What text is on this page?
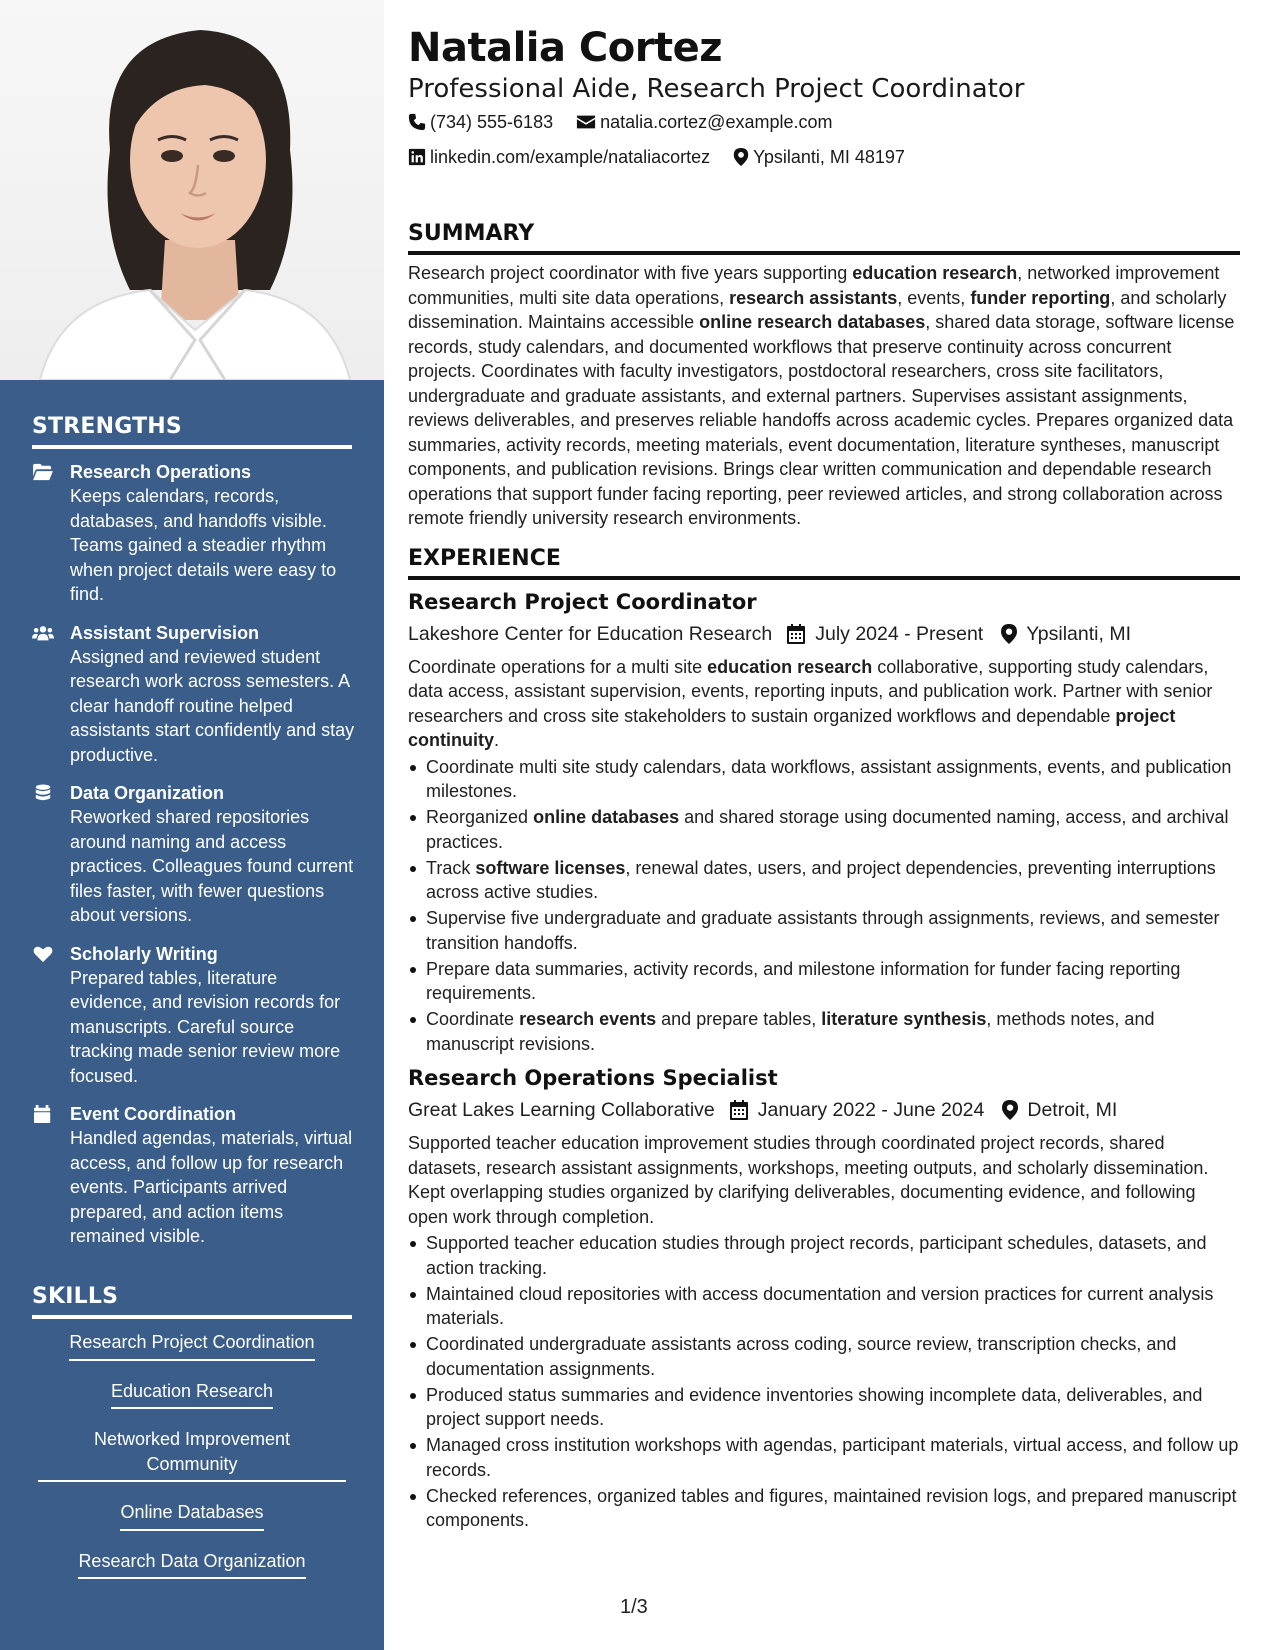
STRENGTHS
Research Operations
Keeps calendars, records, databases, and handoffs visible. Teams gained a steadier rhythm when project details were easy to find.
Assistant Supervision
Assigned and reviewed student research work across semesters. A clear handoff routine helped assistants start confidently and stay productive.
Data Organization
Reworked shared repositories around naming and access practices. Colleagues found current files faster, with fewer questions about versions.
Scholarly Writing
Prepared tables, literature evidence, and revision records for manuscripts. Careful source tracking made senior review more focused.
Event Coordination
Handled agendas, materials, virtual access, and follow up for research events. Participants arrived prepared, and action items remained visible.
SKILLS
Research Project Coordination
Education Research
Networked Improvement Community
Online Databases
Research Data Organization
Natalia Cortez
Professional Aide, Research Project Coordinator
(734) 555-6183
	natalia.cortez@example.com
linkedin.com/example/nataliacortez
Ypsilanti, MI 48197
SUMMARY

Research project coordinator with five years supporting education research, networked improvement communities, multi site data operations, research assistants, events, funder reporting, and scholarly dissemination. Maintains accessible online research databases, shared data storage, software license records, study calendars, and documented workflows that preserve continuity across concurrent projects. Coordinates with faculty investigators, postdoctoral researchers, cross site facilitators, undergraduate and graduate assistants, and external partners. Supervises assistant assignments, reviews deliverables, and preserves reliable handoffs across academic cycles. Prepares organized data summaries, activity records, meeting materials, event documentation, literature syntheses, manuscript components, and publication revisions. Brings clear written communication and dependable research operations that support funder facing reporting, peer reviewed articles, and strong collaboration across remote friendly university research environments.

EXPERIENCE
Research Project Coordinator
Lakeshore Center for Education Research July 2024 - Present Ypsilanti, MI

Coordinate operations for a multi site education research collaborative, supporting study calendars, data access, assistant supervision, events, reporting inputs, and publication work. Partner with senior researchers and cross site stakeholders to sustain organized workflows and dependable project continuity.

Coordinate multi site study calendars, data workflows, assistant assignments, events, and publication milestones.
Reorganized online databases and shared storage using documented naming, access, and archival practices.
Track software licenses, renewal dates, users, and project dependencies, preventing interruptions across active studies.
Supervise five undergraduate and graduate assistants through assignments, reviews, and semester transition handoffs.
Prepare data summaries, activity records, and milestone information for funder facing reporting requirements.
Coordinate research events and prepare tables, literature synthesis, methods notes, and manuscript revisions.
Research Operations Specialist
Great Lakes Learning Collaborative January 2022 - June 2024 Detroit, MI

Supported teacher education improvement studies through coordinated project records, shared datasets, research assistant assignments, workshops, meeting outputs, and scholarly dissemination. Kept overlapping studies organized by clarifying deliverables, documenting evidence, and following open work through completion.

Supported teacher education studies through project records, participant schedules, datasets, and action tracking.
Maintained cloud repositories with access documentation and version practices for current analysis materials.
Coordinated undergraduate assistants across coding, source review, transcription checks, and documentation assignments.
Produced status summaries and evidence inventories showing incomplete data, deliverables, and project support needs.
Managed cross institution workshops with agendas, participant materials, virtual access, and follow up records.
Checked references, organized tables and figures, maintained revision logs, and prepared manuscript components.
1/3
